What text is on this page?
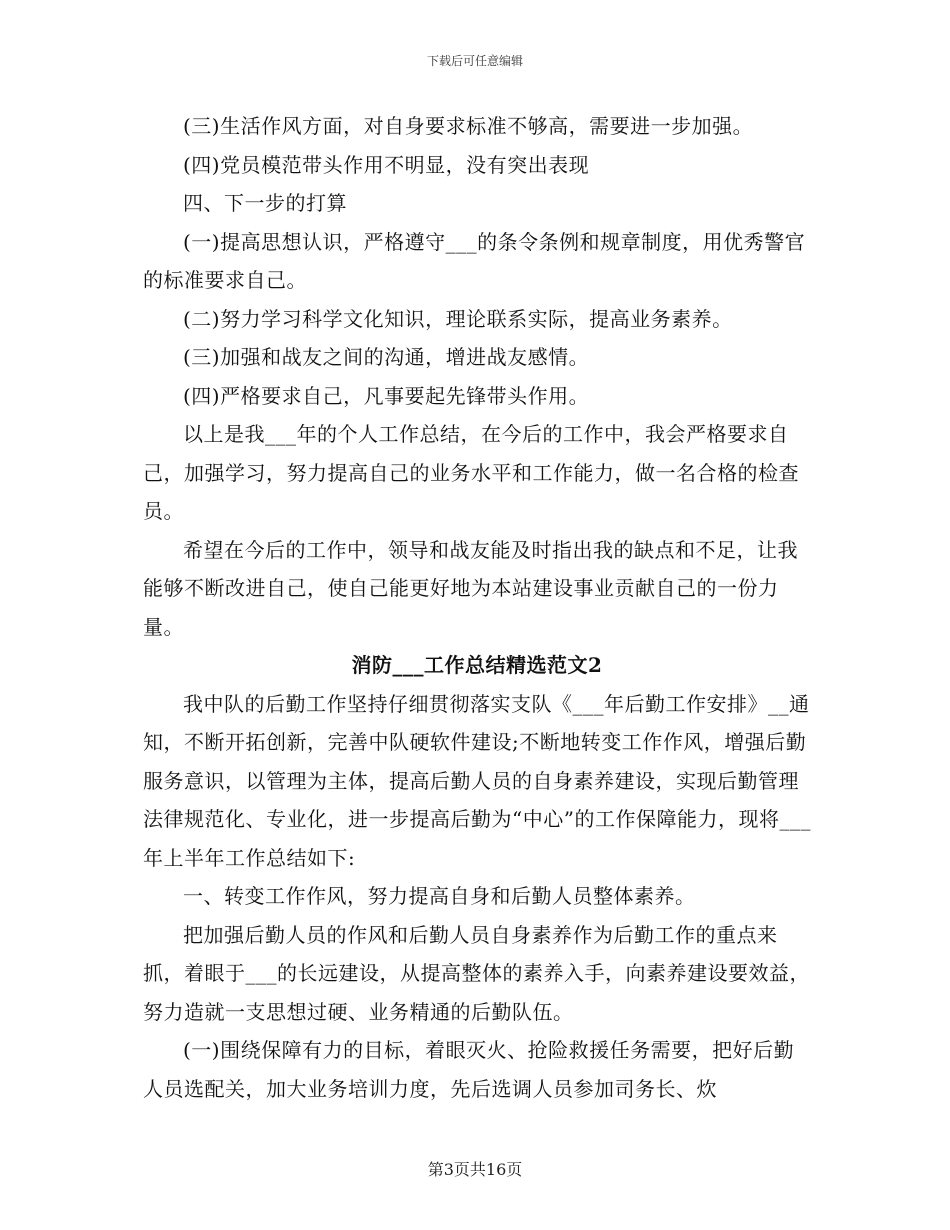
下载后可任意编辑

(三)生活作风方面，对自身要求标准不够高，需要进一步加强。

(四)党员模范带头作用不明显，没有突出表现

四、下一步的打算

(一)提高思想认识，严格遵守___的条令条例和规章制度，用优秀警官的标准要求自己。

(二)努力学习科学文化知识，理论联系实际，提高业务素养。

(三)加强和战友之间的沟通，增进战友感情。

(四)严格要求自己，凡事要起先锋带头作用。

以上是我___年的个人工作总结，在今后的工作中，我会严格要求自己，加强学习，努力提高自己的业务水平和工作能力，做一名合格的检查员。

希望在今后的工作中，领导和战友能及时指出我的缺点和不足，让我能够不断改进自己，使自己能更好地为本站建设事业贡献自己的一份力量。

消防___工作总结精选范文2

我中队的后勤工作坚持仔细贯彻落实支队《___年后勤工作安排》__通知，不断开拓创新，完善中队硬软件建设;不断地转变工作作风，增强后勤服务意识，以管理为主体，提高后勤人员的自身素养建设，实现后勤管理法律规范化、专业化，进一步提高后勤为“中心”的工作保障能力，现将___年上半年工作总结如下:

一、转变工作作风，努力提高自身和后勤人员整体素养。

把加强后勤人员的作风和后勤人员自身素养作为后勤工作的重点来抓，着眼于___的长远建设，从提高整体的素养入手，向素养建设要效益，努力造就一支思想过硬、业务精通的后勤队伍。

(一)围绕保障有力的目标，着眼灭火、抢险救援任务需要，把好后勤人员选配关，加大业务培训力度，先后选调人员参加司务长、炊

第3页共16页
